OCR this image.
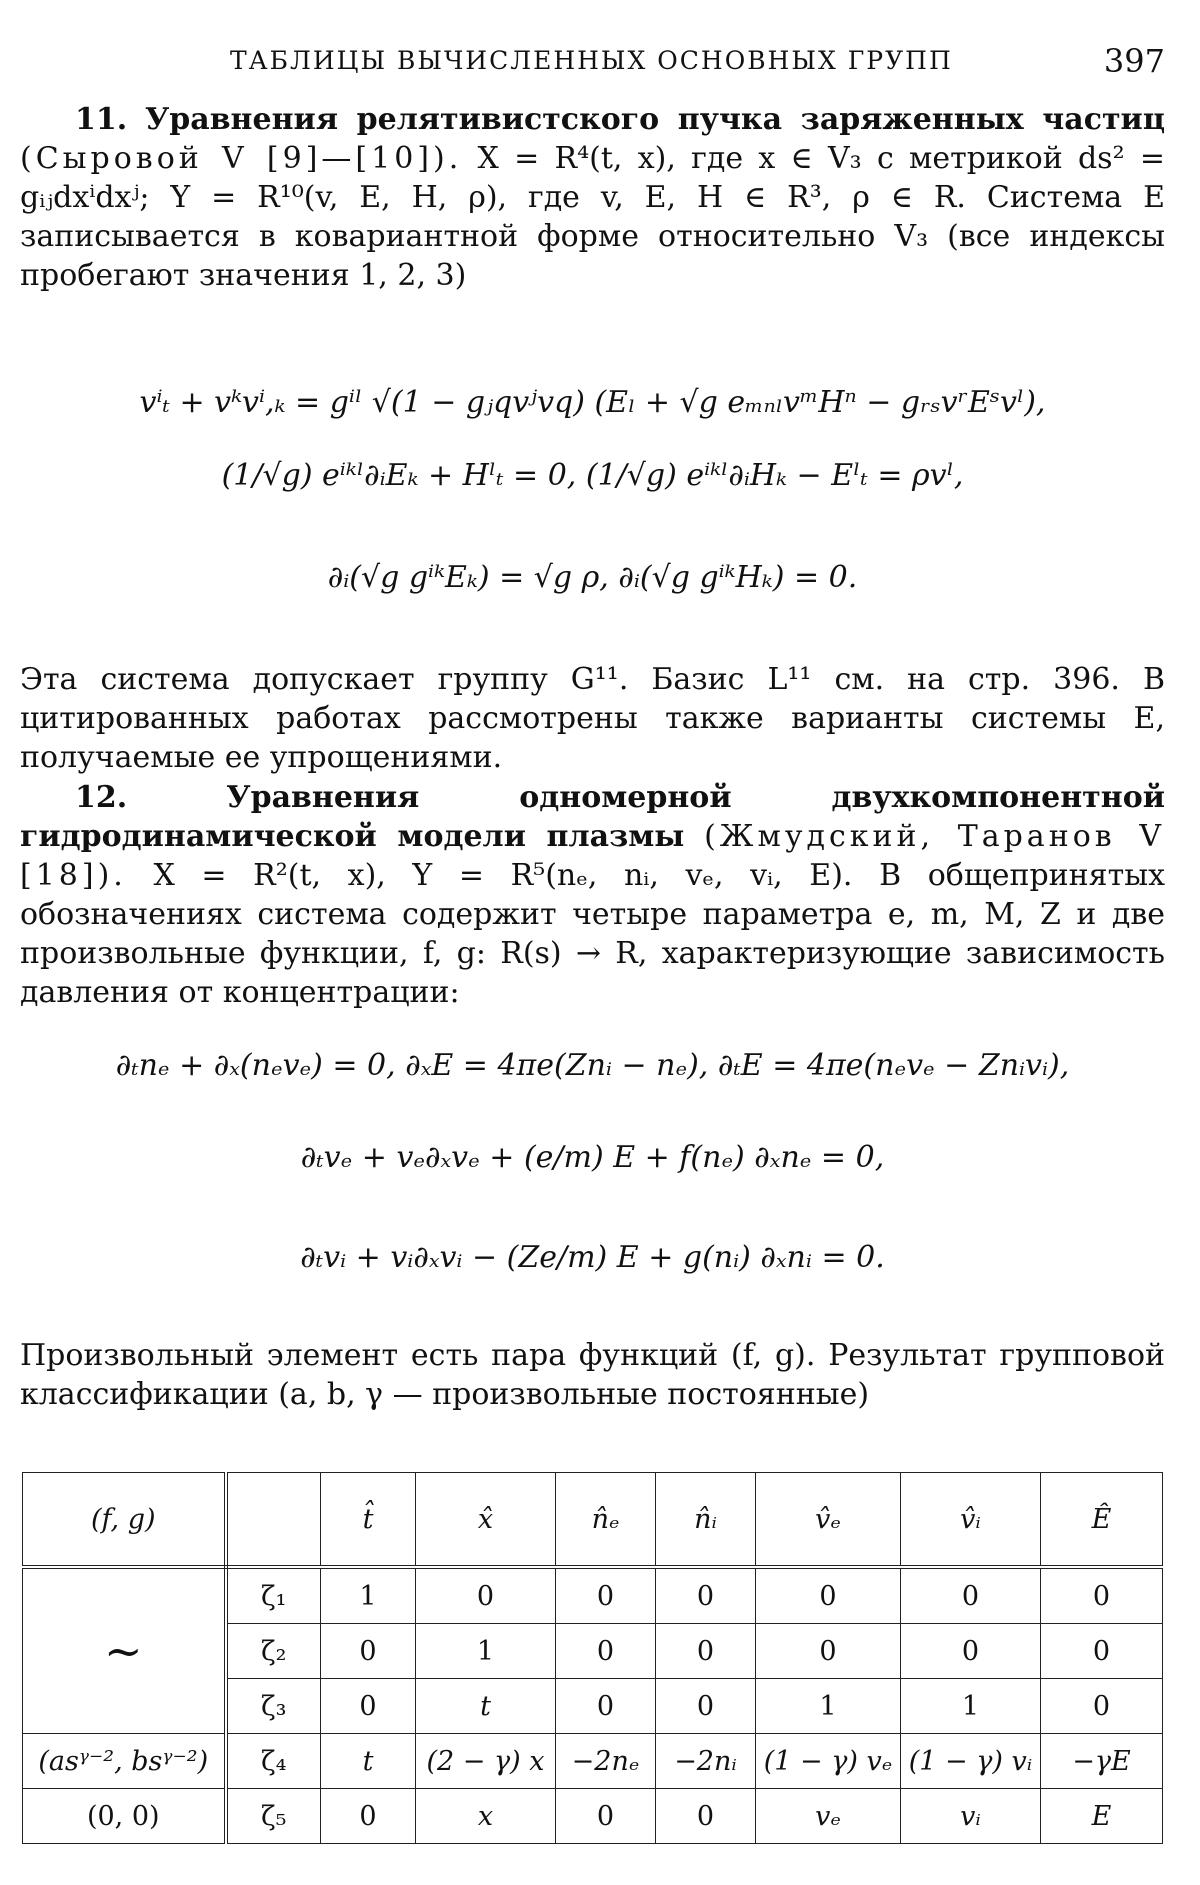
ТАБЛИЦЫ ВЫЧИСЛЕННЫХ ОСНОВНЫХ ГРУПП	397

11. Уравнения релятивистского пучка заряженных частиц (Сыровой V [9]—[10]). X = R⁴(t, x), где x ∈ V₃ с метрикой ds² = gᵢⱼdxⁱdxʲ; Y = R¹⁰(v, E, H, ρ), где v, E, H ∈ R³, ρ ∈ R. Система E записывается в ковариантной форме относительно V₃ (все индексы пробегают значения 1, 2, 3)

vⁱₜ + vᵏvⁱ,ₖ = gⁱˡ √(1 − gⱼqvʲvq) (Eₗ + √g eₘₙₗvᵐHⁿ − gᵣₛvʳEˢvˡ),
(1/√g) eⁱᵏˡ∂ᵢEₖ + Hˡₜ = 0, (1/√g) eⁱᵏˡ∂ᵢHₖ − Eˡₜ = ρvˡ,
∂ᵢ(√g gⁱᵏEₖ) = √g ρ, ∂ᵢ(√g gⁱᵏHₖ) = 0.

Эта система допускает группу G¹¹. Базис L¹¹ см. на стр. 396. В цитированных работах рассмотрены также варианты системы E, получаемые ее упрощениями.

12.	Уравнения одномерной двухкомпонентной гидродинамической модели плазмы (Жмудский, Таранов V [18]). X = R²(t, x), Y = R⁵(nₑ, nᵢ, vₑ, vᵢ, E). В общепринятых обозначениях система содержит четыре параметра e, m, M, Z и две произвольные функции, f, g: R(s) → R, характеризующие зависимость давления от концентрации:

∂ₜnₑ + ∂ₓ(nₑvₑ) = 0, ∂ₓE = 4πe(Znᵢ − nₑ), ∂ₜE = 4πe(nₑvₑ − Znᵢvᵢ),
∂ₜvₑ + vₑ∂ₓvₑ + (e/m) E + f(nₑ) ∂ₓnₑ = 0,
∂ₜvᵢ + vᵢ∂ₓvᵢ − (Ze/m) E + g(nᵢ) ∂ₓnᵢ = 0.

Произвольный элемент есть пара функций (f, g). Результат групповой классификации (a, b, γ — произвольные постоянные)

(f, g)		t̂	x̂	n̂ₑ	n̂ᵢ	v̂ₑ	v̂ᵢ	Ê
~	ζ₁	1	0	0	0	0	0	0
	ζ₂	0	1	0	0	0	0	0
	ζ₃	0	t	0	0	1	1	0
(asᵞ⁻², bsᵞ⁻²)	ζ₄	t	(2 − γ) x	−2nₑ	−2nᵢ	(1 − γ) vₑ	(1 − γ) vᵢ	−γE
(0, 0)	ζ₅	0	x	0	0	vₑ	vᵢ	E
